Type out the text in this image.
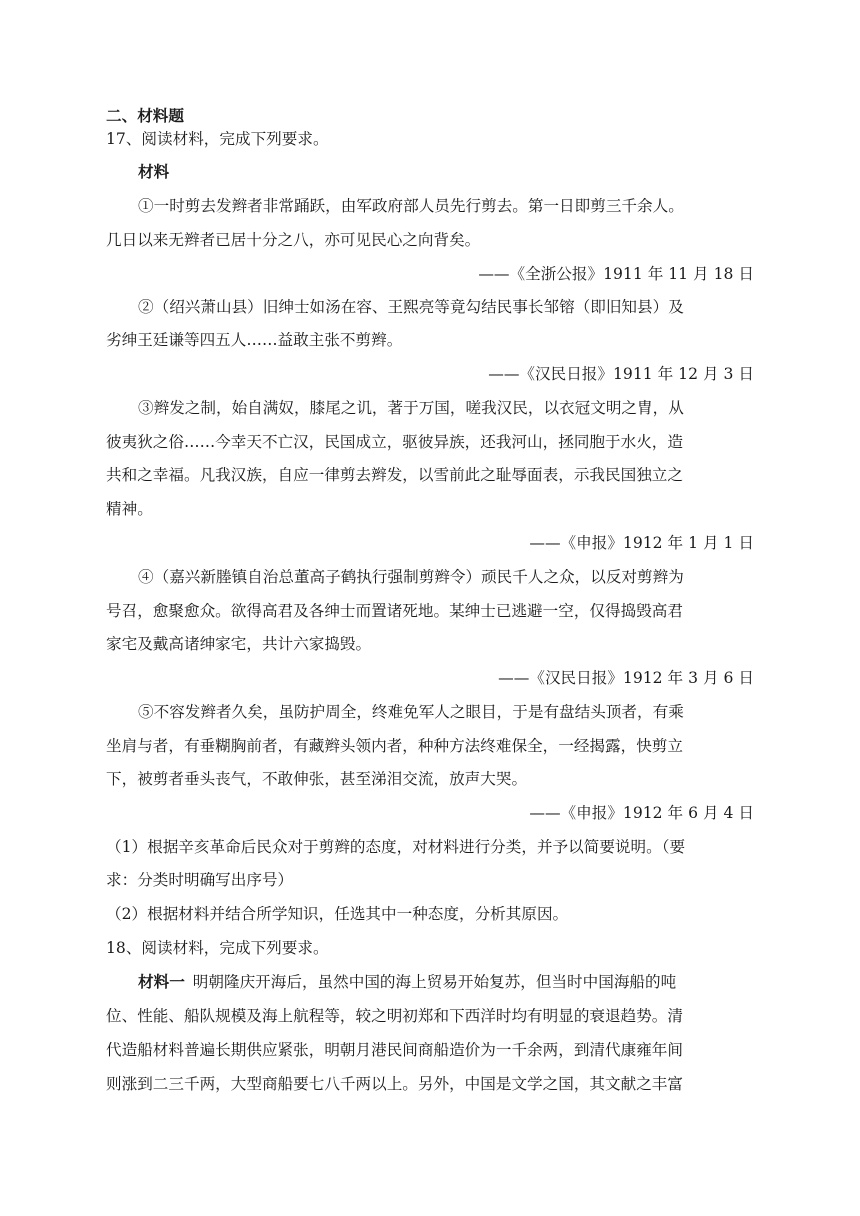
二、材料题
17、阅读材料，完成下列要求。
材料
①一时剪去发辫者非常踊跃，由军政府部人员先行剪去。第一日即剪三千余人。
几日以来无辫者已居十分之八，亦可见民心之向背矣。
——《全浙公报》1911 年 11 月 18 日
②（绍兴萧山县）旧绅士如汤在容、王熙亮等竟勾结民事长邹镕（即旧知县）及
劣绅王廷谦等四五人……益敢主张不剪辫。
——《汉民日报》1911 年 12 月 3 日
③辫发之制，始自满奴，膝尾之讥，著于万国，嗟我汉民，以衣冠文明之胄，从
彼夷狄之俗……今幸天不亡汉，民国成立，驱彼异族，还我河山，拯同胞于水火，造
共和之幸福。凡我汉族，自应一律剪去辫发，以雪前此之耻辱面表，示我民国独立之
精神。
——《申报》1912 年 1 月 1 日
④（嘉兴新塍镇自治总董高子鹤执行强制剪辫令）顽民千人之众，以反对剪辫为
号召，愈聚愈众。欲得高君及各绅士而置诸死地。某绅士已逃避一空，仅得捣毁高君
家宅及戴高诸绅家宅，共计六家捣毁。
——《汉民日报》1912 年 3 月 6 日
⑤不容发辫者久矣，虽防护周全，终难免军人之眼目，于是有盘结头顶者，有乘
坐肩与者，有垂糊胸前者，有藏辫头领内者，种种方法终难保全，一经揭露，快剪立
下，被剪者垂头丧气，不敢伸张，甚至涕泪交流，放声大哭。
——《申报》1912 年 6 月 4 日
（1）根据辛亥革命后民众对于剪辫的态度，对材料进行分类，并予以简要说明。（要
求：分类时明确写出序号）
（2）根据材料并结合所学知识，任选其中一种态度，分析其原因。
18、阅读材料，完成下列要求。
材料一 明朝隆庆开海后，虽然中国的海上贸易开始复苏，但当时中国海船的吨
位、性能、船队规模及海上航程等，较之明初郑和下西洋时均有明显的衰退趋势。清
代造船材料普遍长期供应紧张，明朝月港民间商船造价为一千余两，到清代康雍年间
则涨到二三千两，大型商船要七八千两以上。另外，中国是文学之国，其文献之丰富
